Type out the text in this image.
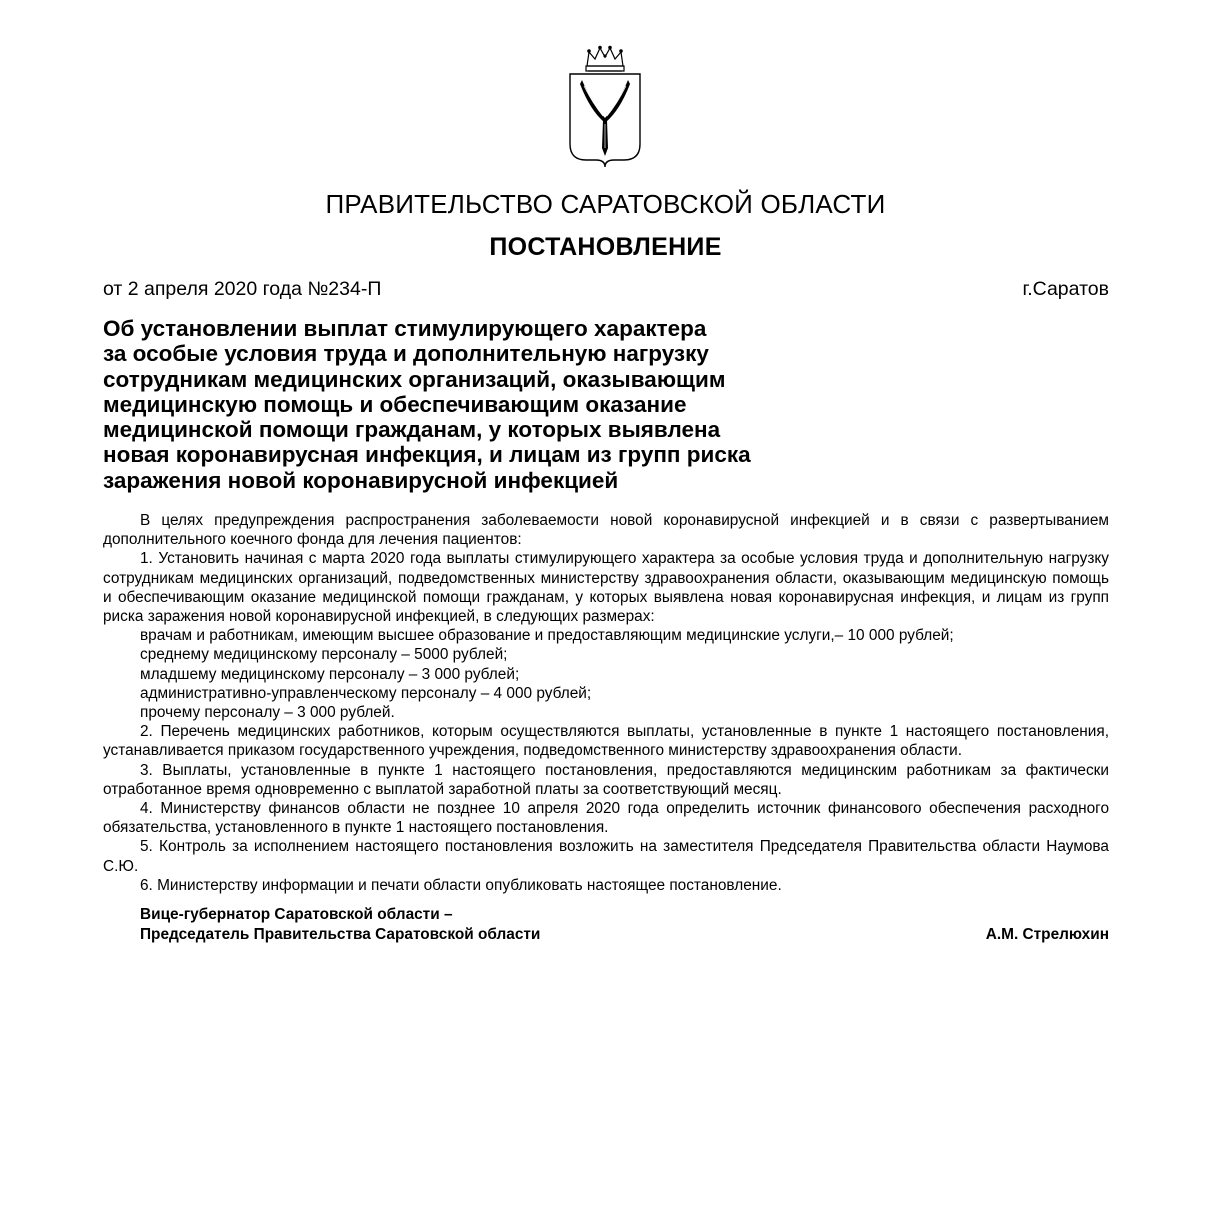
ПРАВИТЕЛЬСТВО САРАТОВСКОЙ ОБЛАСТИ
ПОСТАНОВЛЕНИЕ
от 2 апреля 2020 года №234-П	г.Саратов
Об установлении выплат стимулирующего характера
за особые условия труда и дополнительную нагрузку
сотрудникам медицинских организаций, оказывающим
медицинскую помощь и обеспечивающим оказание
медицинской помощи гражданам, у которых выявлена
новая коронавирусная инфекция, и лицам из групп риска
заражения новой коронавирусной инфекцией
В целях предупреждения распространения заболеваемости новой коронавирусной инфекцией и в связи с развертыванием дополнительного коечного фонда для лечения пациентов:
1. Установить начиная с марта 2020 года выплаты стимулирующего характера за особые условия труда и дополнительную нагрузку сотрудникам медицинских организаций, подведомственных министерству здравоохранения области, оказывающим медицинскую помощь и обеспечивающим оказание медицинской помощи гражданам, у которых выявлена новая коронавирусная инфекция, и лицам из групп риска заражения новой коронавирусной инфекцией, в следующих размерах:
врачам и работникам, имеющим высшее образование и предоставляющим медицинские услуги,– 10 000 рублей;
среднему медицинскому персоналу – 5000 рублей;
младшему медицинскому персоналу – 3 000 рублей;
административно-управленческому персоналу – 4 000 рублей;
прочему персоналу – 3 000 рублей.
2. Перечень медицинских работников, которым осуществляются выплаты, установленные в пункте 1 настоящего постановления, устанавливается приказом государственного учреждения, подведомственного министерству здравоохранения области.
3. Выплаты, установленные в пункте 1 настоящего постановления, предоставляются медицинским работникам за фактически отработанное время одновременно с выплатой заработной платы за соответствующий месяц.
4. Министерству финансов области не позднее 10 апреля 2020 года определить источник финансового обеспечения расходного обязательства, установленного в пункте 1 настоящего постановления.
5. Контроль за исполнением настоящего постановления возложить на заместителя Председателя Правительства области Наумова С.Ю.
6. Министерству информации и печати области опубликовать настоящее постановление.
Вице-губернатор Саратовской области –
Председатель Правительства Саратовской области	А.М. Стрелюхин
